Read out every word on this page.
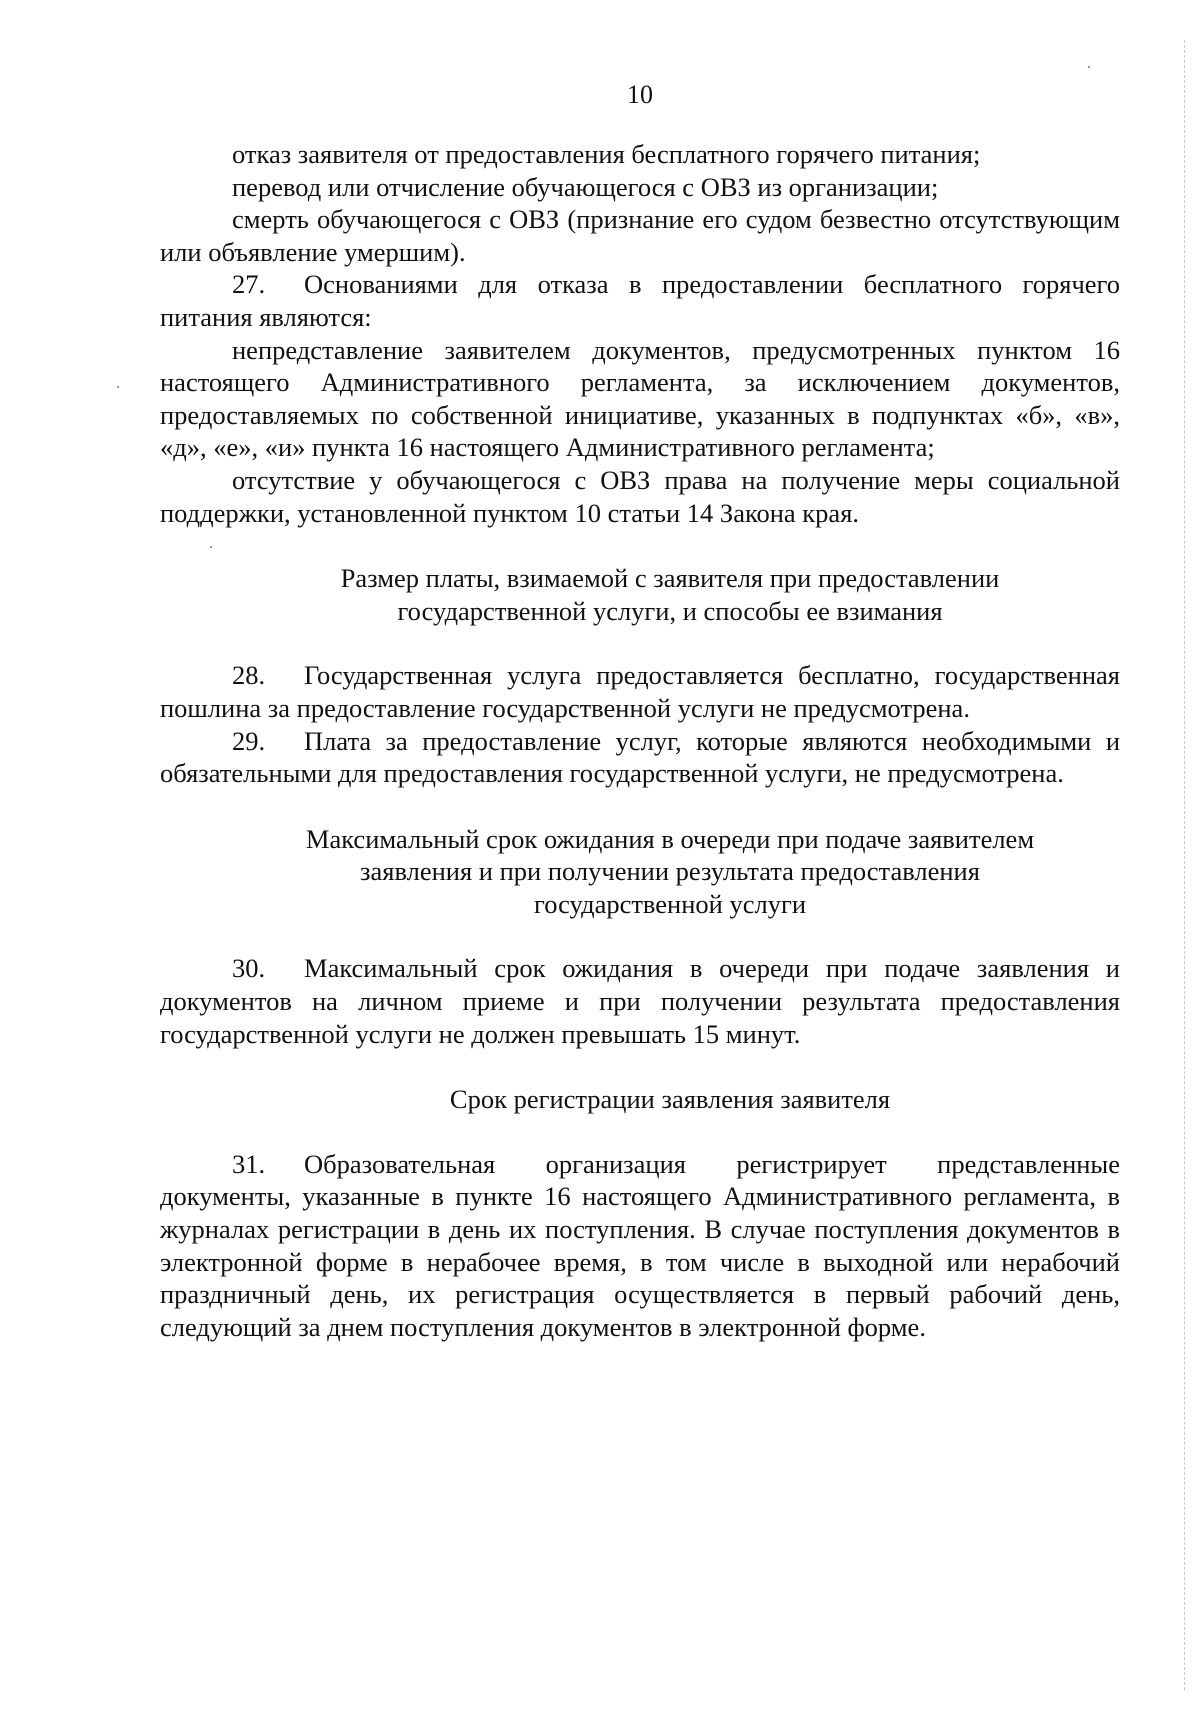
10

отказ заявителя от предоставления бесплатного горячего питания;

перевод или отчисление обучающегося с ОВЗ из организации;

смерть обучающегося с ОВЗ (признание его судом безвестно отсутствующим или объявление умершим).

27. Основаниями для отказа в предоставлении бесплатного горячего питания являются:

непредставление заявителем документов, предусмотренных пунктом 16 настоящего Административного регламента, за исключением документов, предоставляемых по собственной инициативе, указанных в подпунктах «б», «в», «д», «е», «и» пункта 16 настоящего Административного регламента;

отсутствие у обучающегося с ОВЗ права на получение меры социальной поддержки, установленной пунктом 10 статьи 14 Закона края.

Размер платы, взимаемой с заявителя при предоставлении
государственной услуги, и способы ее взимания

28. Государственная услуга предоставляется бесплатно, государственная пошлина за предоставление государственной услуги не предусмотрена.

29. Плата за предоставление услуг, которые являются необходимыми и обязательными для предоставления государственной услуги, не предусмотрена.

Максимальный срок ожидания в очереди при подаче заявителем
заявления и при получении результата предоставления
государственной услуги

30. Максимальный срок ожидания в очереди при подаче заявления и документов на личном приеме и при получении результата предоставления государственной услуги не должен превышать 15 минут.

Срок регистрации заявления заявителя

31. Образовательная организация регистрирует представленные документы, указанные в пункте 16 настоящего Административного регламента, в журналах регистрации в день их поступления. В случае поступления документов в электронной форме в нерабочее время, в том числе в выходной или нерабочий праздничный день, их регистрация осуществляется в первый рабочий день, следующий за днем поступления документов в электронной форме.
